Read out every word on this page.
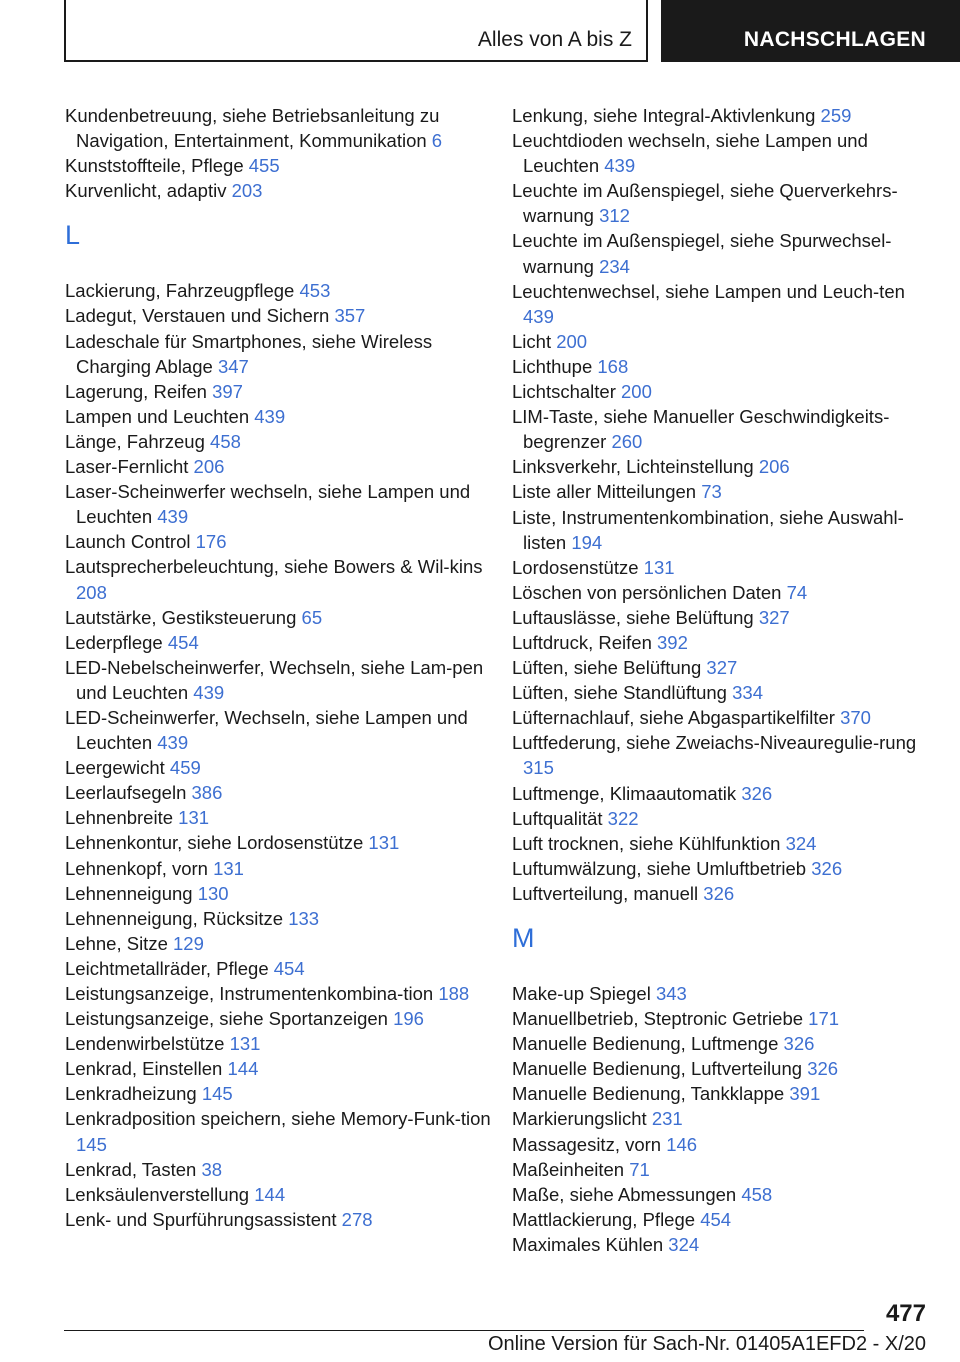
Alles von A bis Z	NACHSCHLAGEN
Kundenbetreuung, siehe Betriebsanleitung zu Navigation, Entertainment, Kommunikation 6
Kunststoffteile, Pflege 455
Kurvenlicht, adaptiv 203
L
Lackierung, Fahrzeugpflege 453
Ladegut, Verstauen und Sichern 357
Ladeschale für Smartphones, siehe Wireless Charging Ablage 347
Lagerung, Reifen 397
Lampen und Leuchten 439
Länge, Fahrzeug 458
Laser-Fernlicht 206
Laser-Scheinwerfer wechseln, siehe Lampen und Leuchten 439
Launch Control 176
Lautsprecherbeleuchtung, siehe Bowers & Wil-kins 208
Lautstärke, Gestiksteuerung 65
Lederpflege 454
LED-Nebelscheinwerfer, Wechseln, siehe Lam-pen und Leuchten 439
LED-Scheinwerfer, Wechseln, siehe Lampen und Leuchten 439
Leergewicht 459
Leerlaufsegeln 386
Lehnenbreite 131
Lehnenkontur, siehe Lordosenstütze 131
Lehnenkopf, vorn 131
Lehnenneigung 130
Lehnenneigung, Rücksitze 133
Lehne, Sitze 129
Leichtmetallräder, Pflege 454
Leistungsanzeige, Instrumentenkombina-tion 188
Leistungsanzeige, siehe Sportanzeigen 196
Lendenwirbelstütze 131
Lenkrad, Einstellen 144
Lenkradheizung 145
Lenkradposition speichern, siehe Memory-Funk-tion 145
Lenkrad, Tasten 38
Lenksäulenverstellung 144
Lenk- und Spurführungsassistent 278
Lenkung, siehe Integral-Aktivlenkung 259
Leuchtdioden wechseln, siehe Lampen und Leuchten 439
Leuchte im Außenspiegel, siehe Querverkehrs-warnung 312
Leuchte im Außenspiegel, siehe Spurwechsel-warnung 234
Leuchtenwechsel, siehe Lampen und Leuch-ten 439
Licht 200
Lichthupe 168
Lichtschalter 200
LIM-Taste, siehe Manueller Geschwindigkeits-begrenzer 260
Linksverkehr, Lichteinstellung 206
Liste aller Mitteilungen 73
Liste, Instrumentenkombination, siehe Auswahl-listen 194
Lordosenstütze 131
Löschen von persönlichen Daten 74
Luftauslässe, siehe Belüftung 327
Luftdruck, Reifen 392
Lüften, siehe Belüftung 327
Lüften, siehe Standlüftung 334
Lüfternachlauf, siehe Abgaspartikelfilter 370
Luftfederung, siehe Zweiachs-Niveauregulie-rung 315
Luftmenge, Klimaautomatik 326
Luftqualität 322
Luft trocknen, siehe Kühlfunktion 324
Luftumwälzung, siehe Umluftbetrieb 326
Luftverteilung, manuell 326
M
Make-up Spiegel 343
Manuellbetrieb, Steptronic Getriebe 171
Manuelle Bedienung, Luftmenge 326
Manuelle Bedienung, Luftverteilung 326
Manuelle Bedienung, Tankklappe 391
Markierungslicht 231
Massagesitz, vorn 146
Maßeinheiten 71
Maße, siehe Abmessungen 458
Mattlackierung, Pflege 454
Maximales Kühlen 324
477
Online Version für Sach-Nr. 01405A1EFD2 - X/20
